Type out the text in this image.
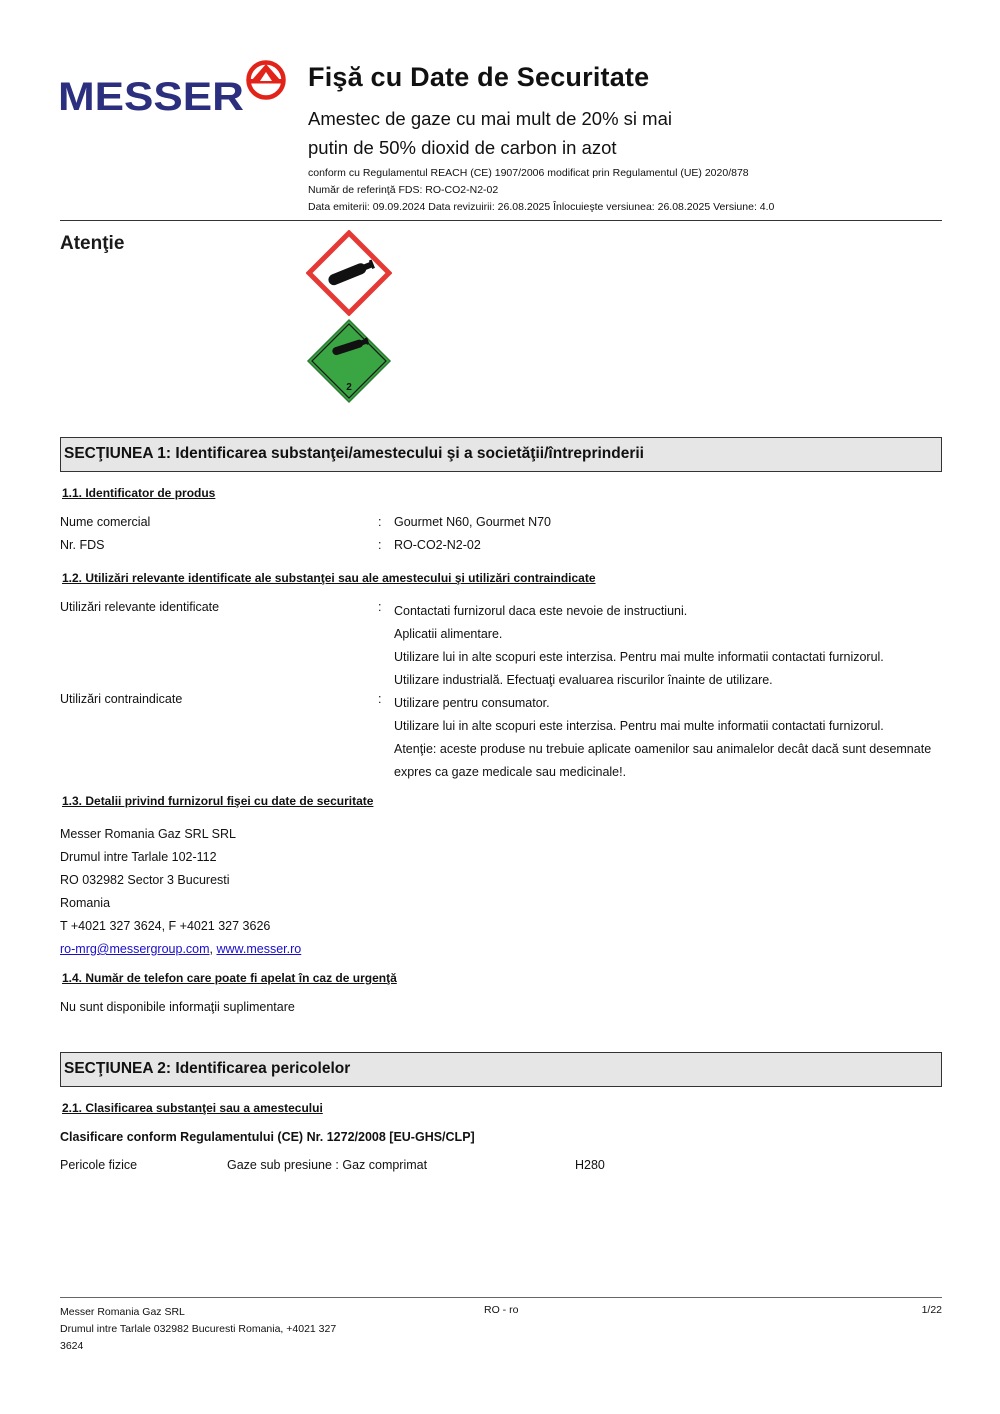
MESSER Fişă cu Date de Securitate
Amestec de gaze cu mai mult de 20% si mai
putin de 50% dioxid de carbon in azot
conform cu Regulamentul REACH (CE) 1907/2006 modificat prin Regulamentul (UE) 2020/878
Număr de referinţă FDS: RO-CO2-N2-02
Data emiterii: 09.09.2024 Data revizuirii: 26.08.2025 Înlocuieşte versiunea: 26.08.2025 Versiune: 4.0
Atenţie
2
SECŢIUNEA 1: Identificarea substanţei/amestecului şi a societăţii/întreprinderii
1.1. Identificator de produs
Nume comercial	: Gourmet N60, Gourmet N70
Nr. FDS	: RO-CO2-N2-02
1.2. Utilizări relevante identificate ale substanţei sau ale amestecului şi utilizări contraindicate
Utilizări relevante identificate	: Contactati furnizorul daca este nevoie de instructiuni.
Aplicatii alimentare.
Utilizare lui in alte scopuri este interzisa. Pentru mai multe informatii contactati furnizorul.
Utilizare industrială. Efectuaţi evaluarea riscurilor înainte de utilizare.
Utilizări contraindicate	: Utilizare pentru consumator.
Utilizare lui in alte scopuri este interzisa. Pentru mai multe informatii contactati furnizorul.
Atenţie: aceste produse nu trebuie aplicate oamenilor sau animalelor decât dacă sunt desemnate
expres ca gaze medicale sau medicinale!.
1.3. Detalii privind furnizorul fişei cu date de securitate
Messer Romania Gaz SRL SRL
Drumul intre Tarlale 102-112
RO 032982 Sector 3 Bucuresti
Romania
T +4021 327 3624, F +4021 327 3626
ro-mrg@messergroup.com, www.messer.ro
1.4. Număr de telefon care poate fi apelat în caz de urgenţă
Nu sunt disponibile informaţii suplimentare
SECŢIUNEA 2: Identificarea pericolelor
2.1. Clasificarea substanţei sau a amestecului
Clasificare conform Regulamentului (CE) Nr. 1272/2008 [EU-GHS/CLP]
Pericole fizice	Gaze sub presiune : Gaz comprimat	H280
Messer Romania Gaz SRL
Drumul intre Tarlale 032982 Bucuresti Romania, +4021 327
3624
RO - ro	1/22
